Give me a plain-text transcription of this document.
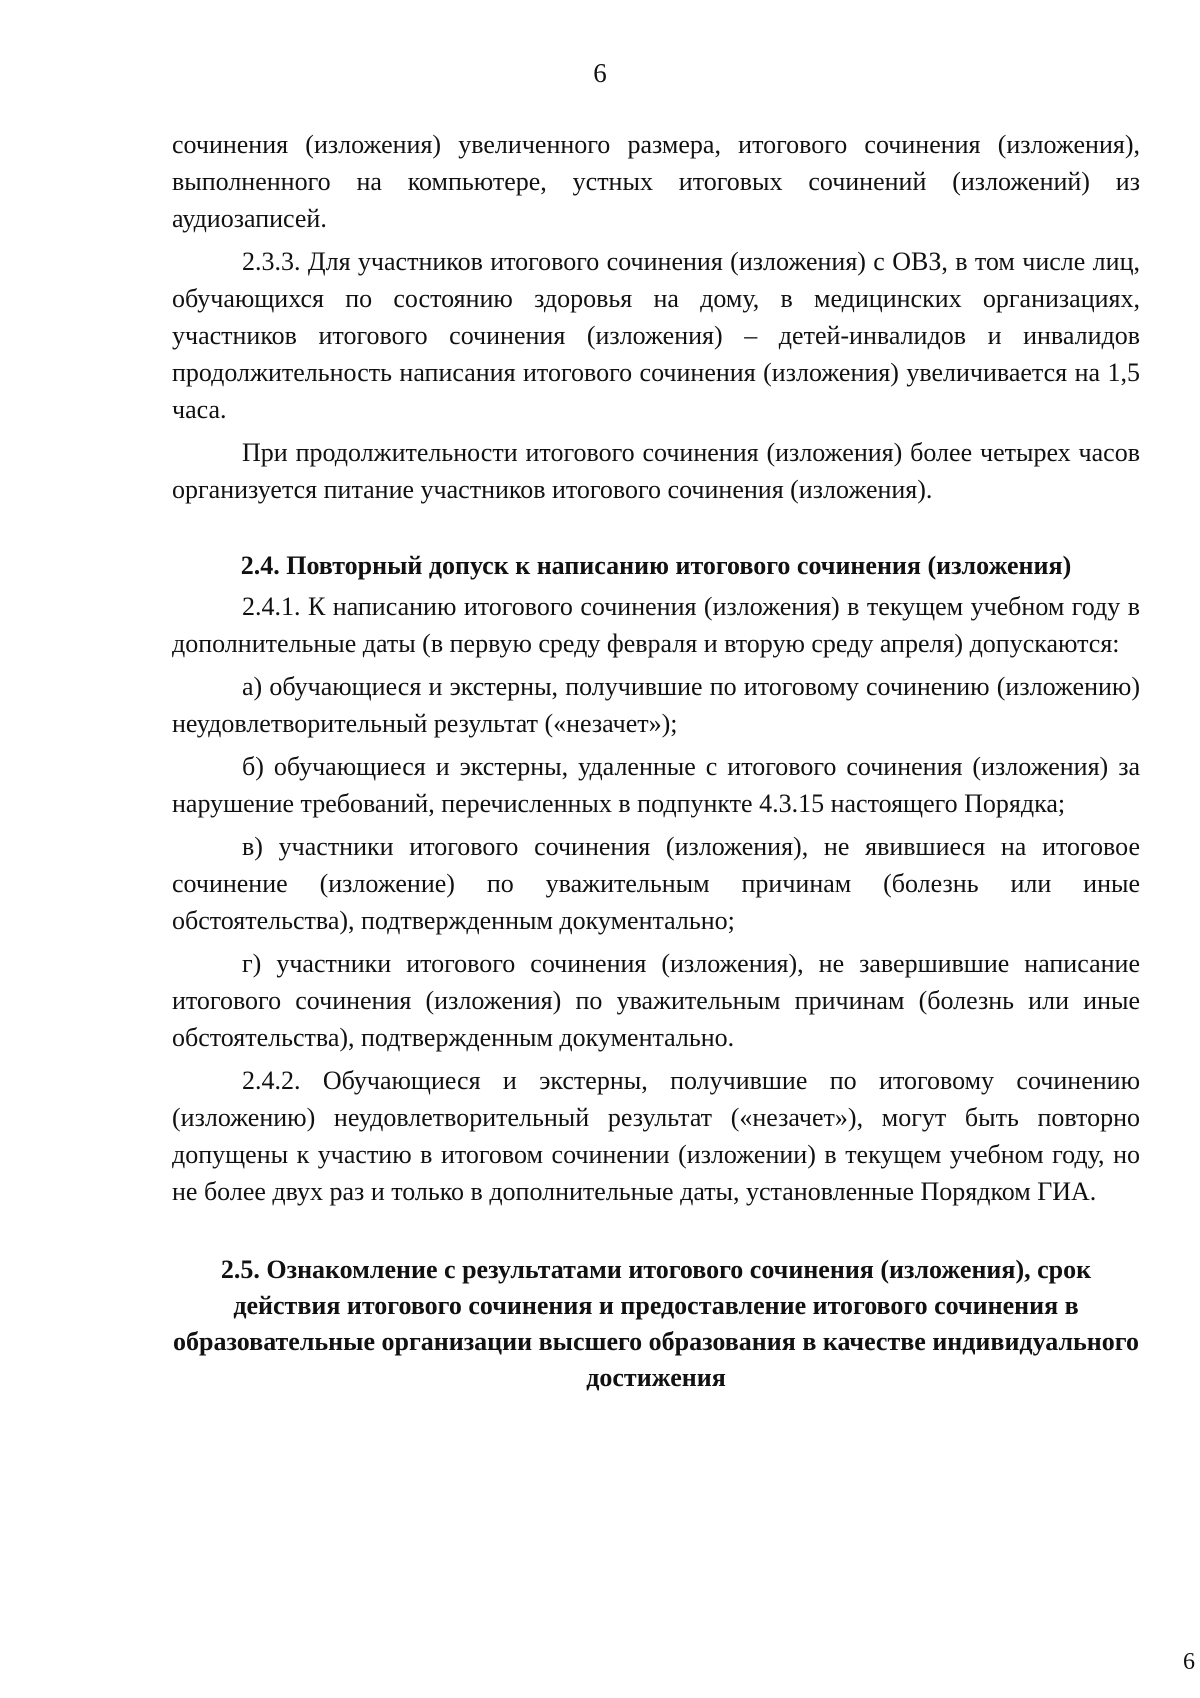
6

сочинения (изложения) увеличенного размера, итогового сочинения (изложения), выполненного на компьютере, устных итоговых сочинений (изложений) из аудиозаписей.

2.3.3. Для участников итогового сочинения (изложения) с ОВЗ, в том числе лиц, обучающихся по состоянию здоровья на дому, в медицинских организациях, участников итогового сочинения (изложения) – детей-инвалидов и инвалидов продолжительность написания итогового сочинения (изложения) увеличивается на 1,5 часа.

При продолжительности итогового сочинения (изложения) более четырех часов организуется питание участников итогового сочинения (изложения).

2.4. Повторный допуск к написанию итогового сочинения (изложения)

2.4.1. К написанию итогового сочинения (изложения) в текущем учебном году в дополнительные даты (в первую среду февраля и вторую среду апреля) допускаются:

а) обучающиеся и экстерны, получившие по итоговому сочинению (изложению) неудовлетворительный результат («незачет»);

б) обучающиеся и экстерны, удаленные с итогового сочинения (изложения) за нарушение требований, перечисленных в подпункте 4.3.15 настоящего Порядка;

в) участники итогового сочинения (изложения), не явившиеся на итоговое сочинение (изложение) по уважительным причинам (болезнь или иные обстоятельства), подтвержденным документально;

г) участники итогового сочинения (изложения), не завершившие написание итогового сочинения (изложения) по уважительным причинам (болезнь или иные обстоятельства), подтвержденным документально.

2.4.2. Обучающиеся и экстерны, получившие по итоговому сочинению (изложению) неудовлетворительный результат («незачет»), могут быть повторно допущены к участию в итоговом сочинении (изложении) в текущем учебном году, но не более двух раз и только в дополнительные даты, установленные Порядком ГИА.

2.5. Ознакомление с результатами итогового сочинения (изложения), срок действия итогового сочинения и предоставление итогового сочинения в образовательные организации высшего образования в качестве индивидуального достижения
6
